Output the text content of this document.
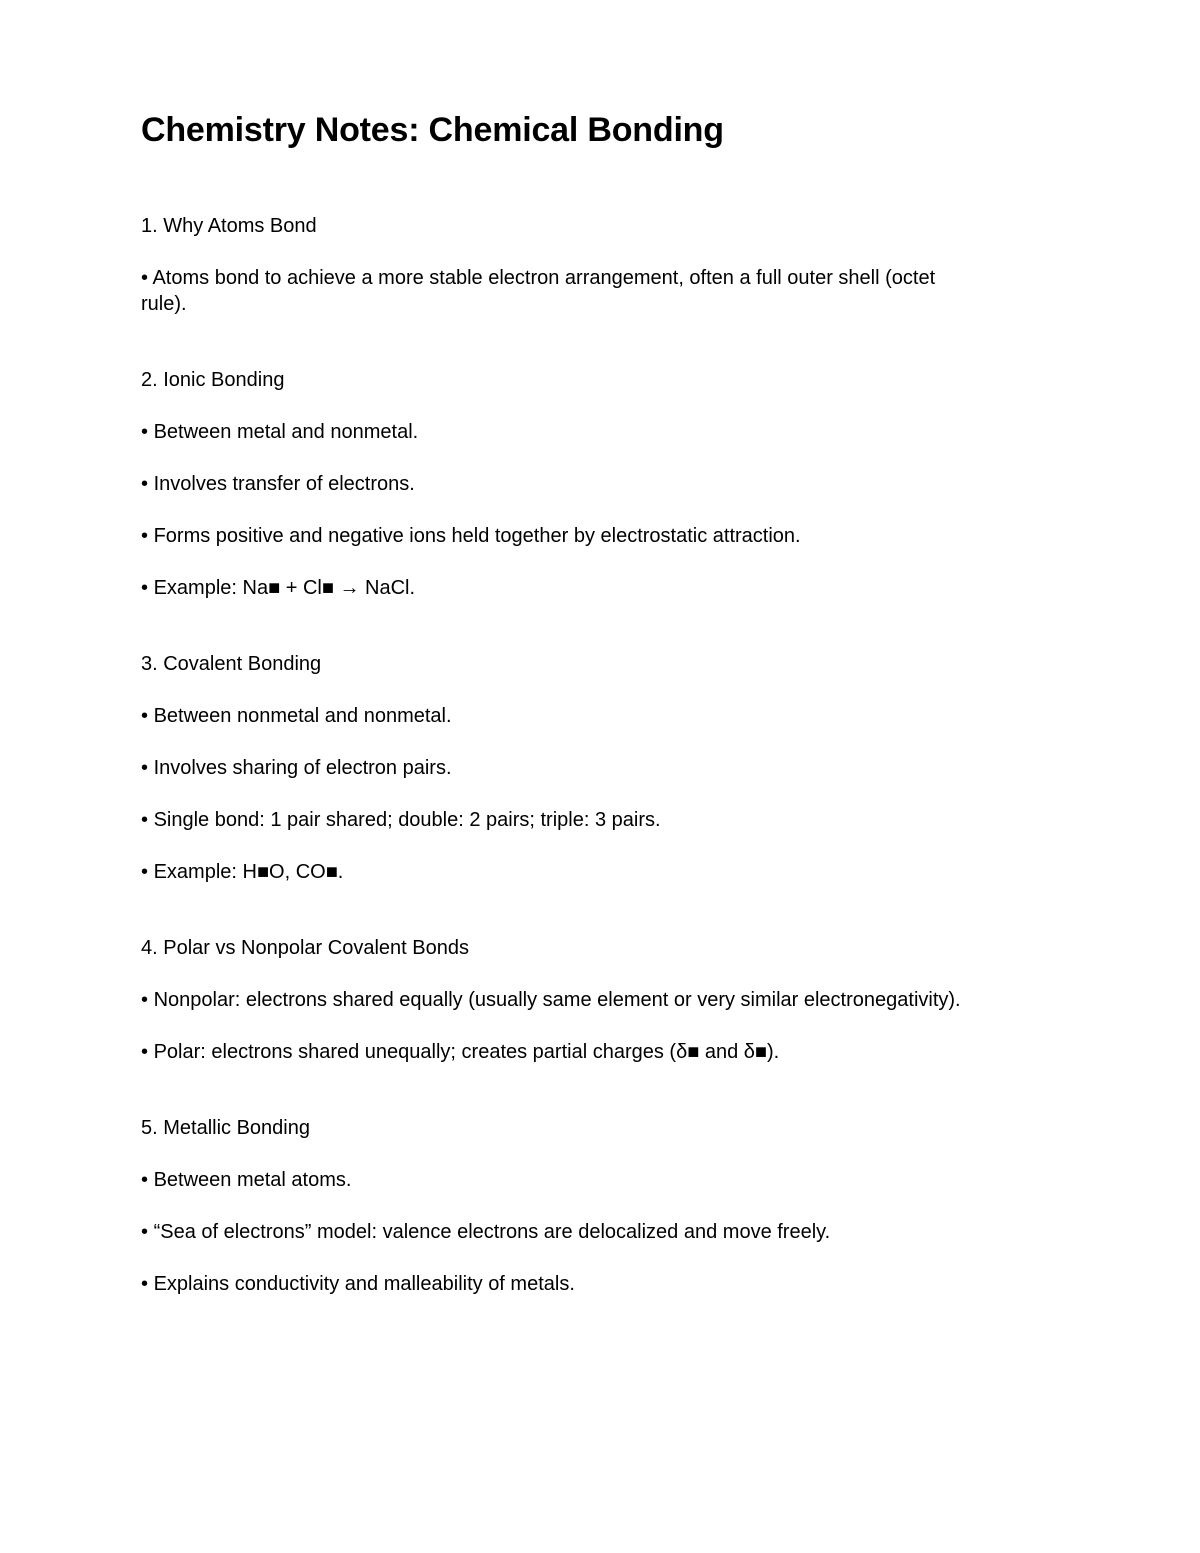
Chemistry Notes: Chemical Bonding

1. Why Atoms Bond

• Atoms bond to achieve a more stable electron arrangement, often a full outer shell (octet rule).

2. Ionic Bonding

• Between metal and nonmetal.

• Involves transfer of electrons.

• Forms positive and negative ions held together by electrostatic attraction.

• Example: Na■ + Cl■ → NaCl.

3. Covalent Bonding

• Between nonmetal and nonmetal.

• Involves sharing of electron pairs.

• Single bond: 1 pair shared; double: 2 pairs; triple: 3 pairs.

• Example: H■O, CO■.

4. Polar vs Nonpolar Covalent Bonds

• Nonpolar: electrons shared equally (usually same element or very similar electronegativity).

• Polar: electrons shared unequally; creates partial charges (δ■ and δ■).

5. Metallic Bonding

• Between metal atoms.

• “Sea of electrons” model: valence electrons are delocalized and move freely.

• Explains conductivity and malleability of metals.
